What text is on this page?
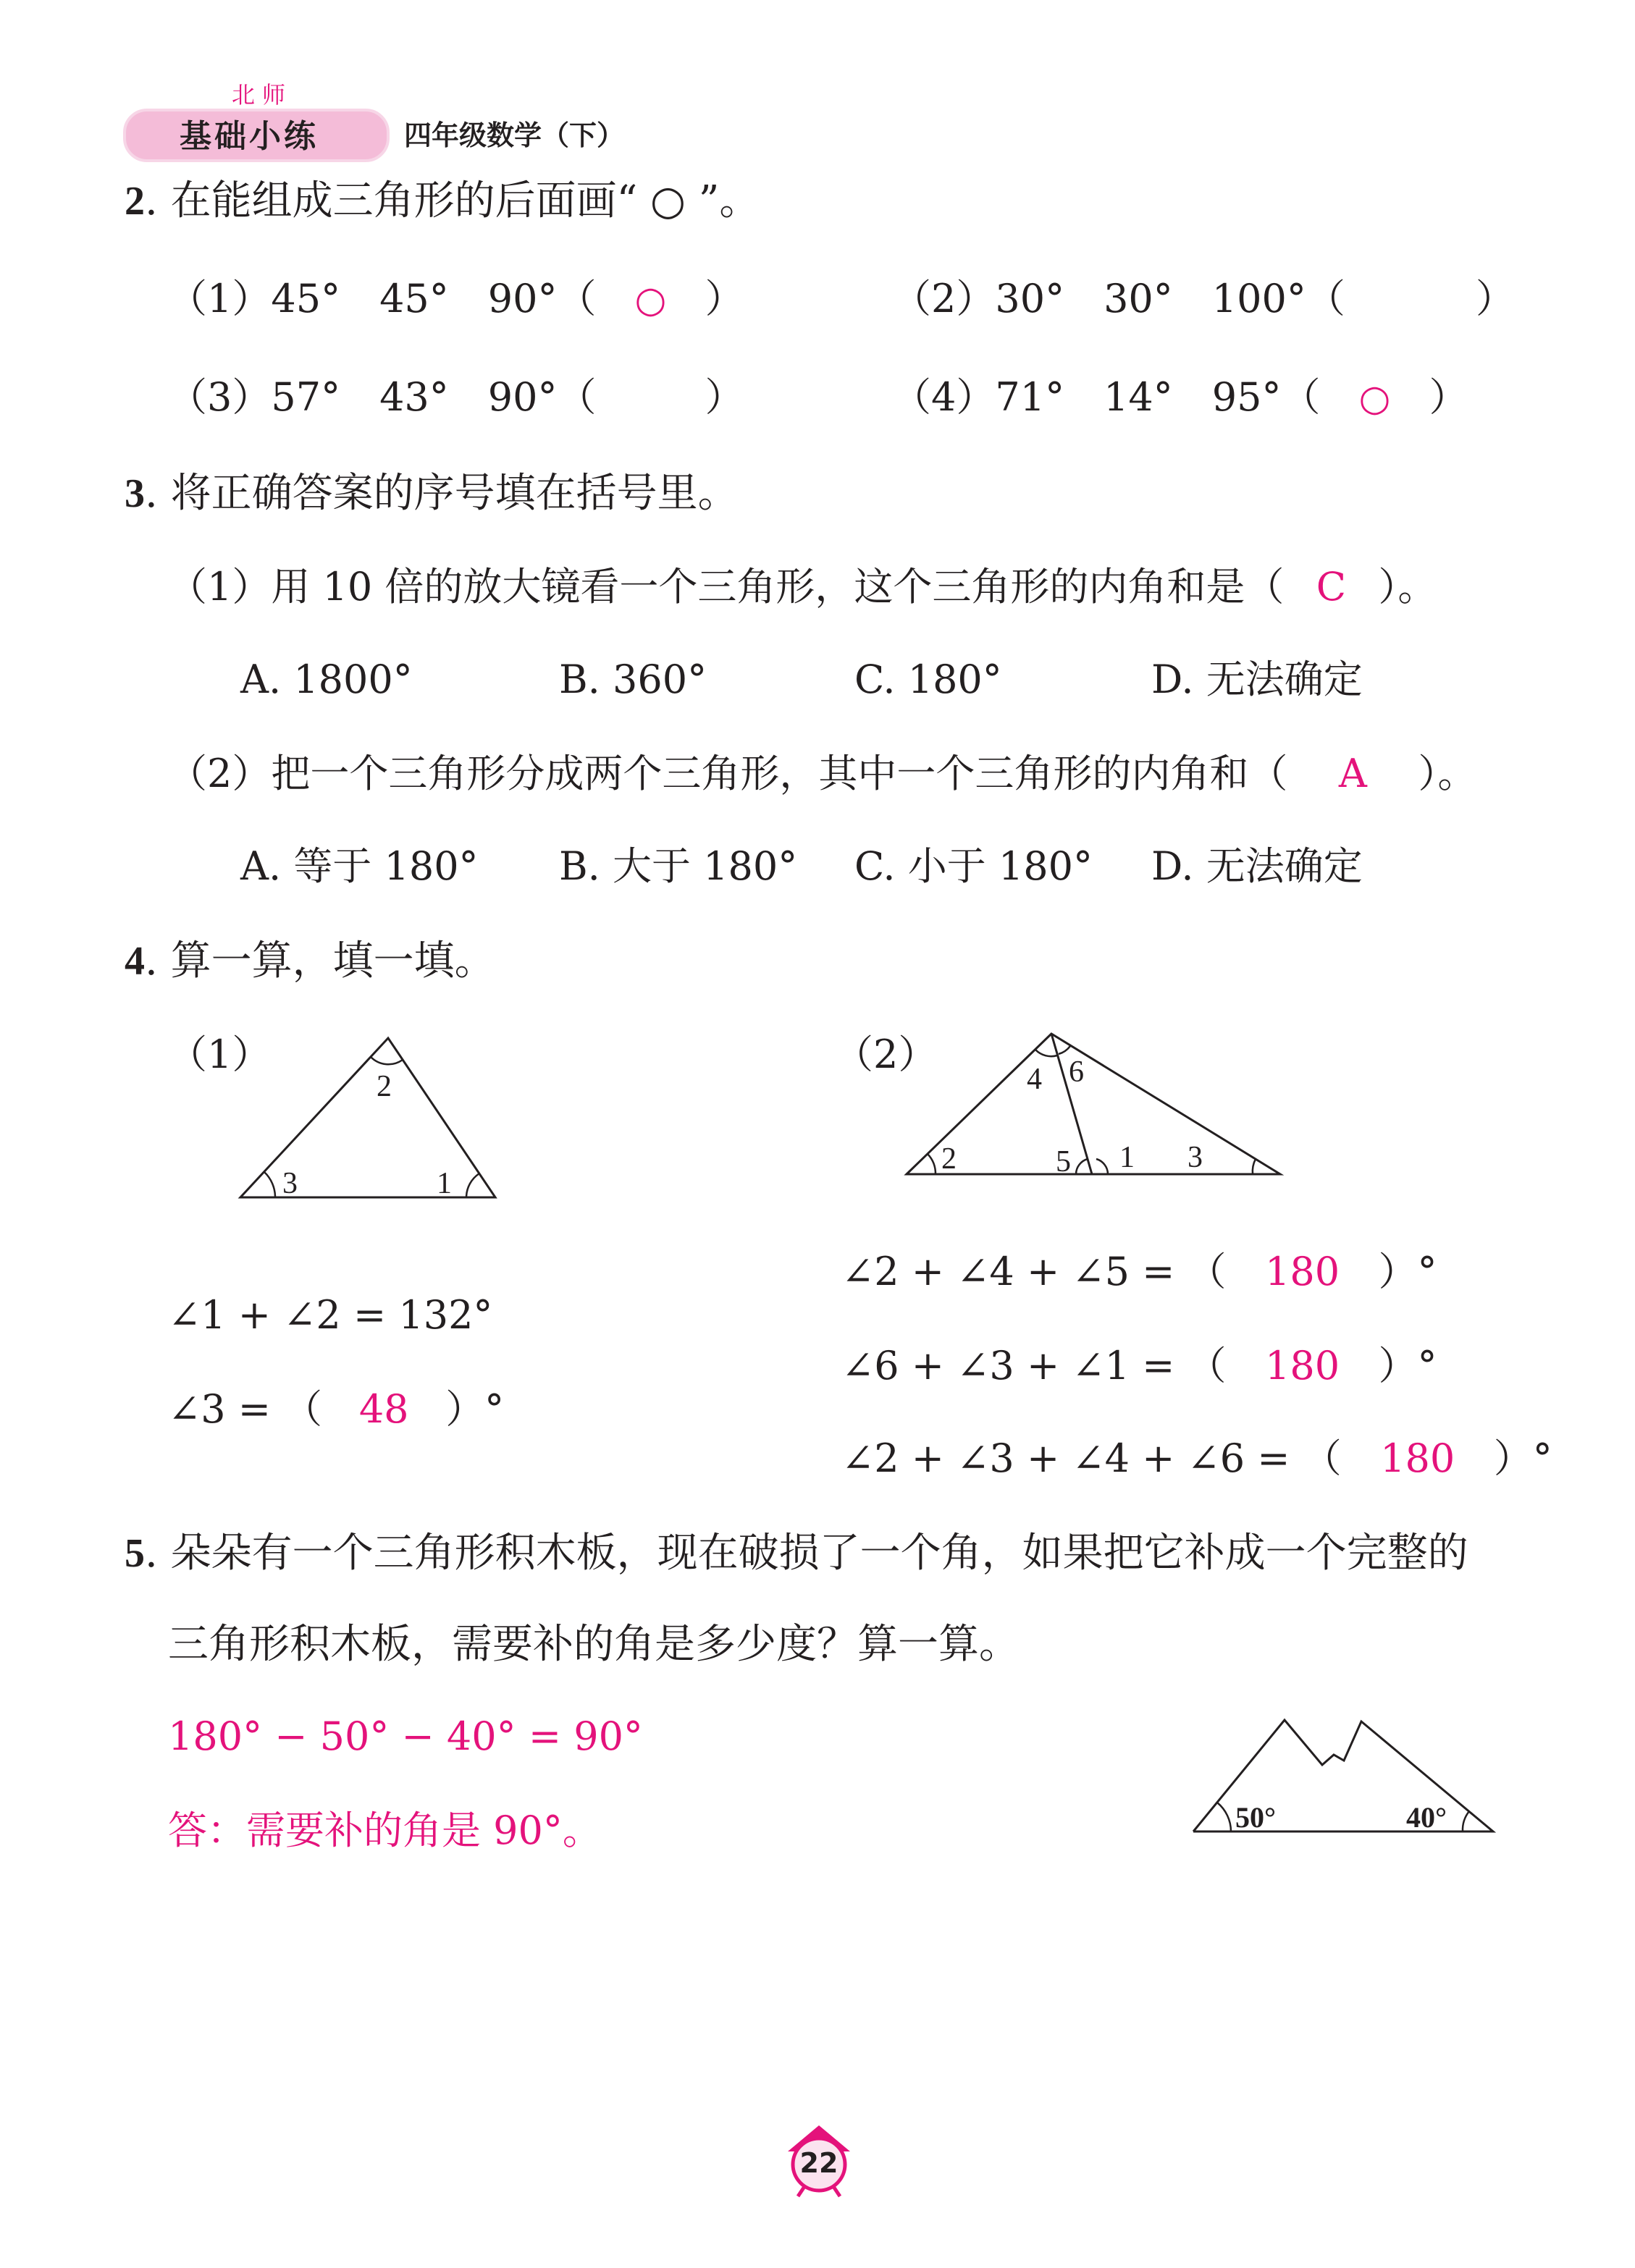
北师
基础小练	四年级数学（下）
2. 在能组成三角形的后面画“ ○ ”。
（1）45°　45°　90°（ ○ ）	（2）30°　30°　100°（	）
（3）57°　43°　90°（	）	（4）71°　14°　95°（ ○ ）
3. 将正确答案的序号填在括号里。
（1）用 10 倍的放大镜看一个三角形，这个三角形的内角和是（ C ）。
A. 1800°	B. 360°	C. 180°	D. 无法确定
（2）把一个三角形分成两个三角形，其中一个三角形的内角和（ A ）。
A. 等于 180° B. 大于 180° C. 小于 180° D. 无法确定
4. 算一算，填一填。
（1）	（2）
2
3	1
4 6
2	5 1 3
∠1 + ∠2 = 132°
∠3 = （ 48 ）°
∠2 + ∠4 + ∠5 = （ 180 ）°
∠6 + ∠3 + ∠1 = （ 180 ）°
∠2 + ∠3 + ∠4 + ∠6 = （ 180 ）°
5. 朵朵有一个三角形积木板，现在破损了一个角，如果把它补成一个完整的
三角形积木板，需要补的角是多少度？算一算。
180° − 50° − 40° = 90°
答：需要补的角是 90°。	50°	40°
22
